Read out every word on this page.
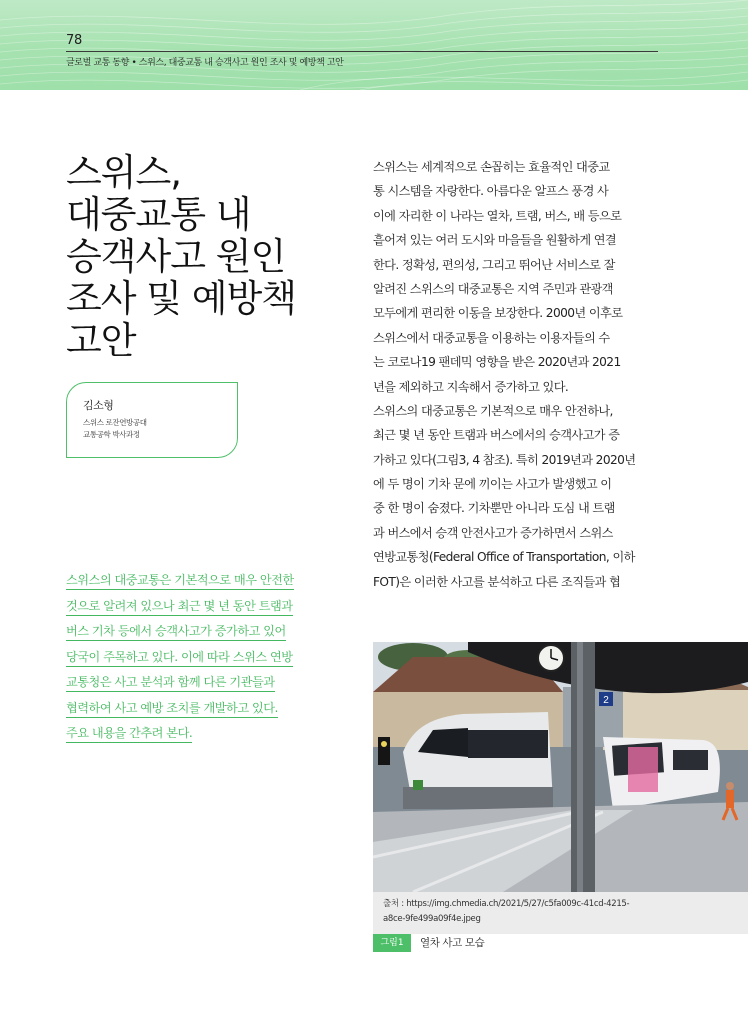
78
글로벌 교통 동향 • 스위스, 대중교통 내 승객사고 원인 조사 및 예방책 고안
스위스,
대중교통 내
승객사고 원인
조사 및 예방책
고안
김소형
스위스 로잔연방공대
교통공학 박사과정
스위스의 대중교통은 기본적으로 매우 안전한
것으로 알려져 있으나 최근 몇 년 동안 트램과
버스 기차 등에서 승객사고가 증가하고 있어
당국이 주목하고 있다. 이에 따라 스위스 연방
교통청은 사고 분석과 함께 다른 기관들과
협력하여 사고 예방 조치를 개발하고 있다.
주요 내용을 간추려 본다.
스위스는 세계적으로 손꼽히는 효율적인 대중교
통 시스템을 자랑한다. 아름다운 알프스 풍경 사
이에 자리한 이 나라는 열차, 트램, 버스, 배 등으로
흩어져 있는 여러 도시와 마을들을 원활하게 연결
한다. 정확성, 편의성, 그리고 뛰어난 서비스로 잘
알려진 스위스의 대중교통은 지역 주민과 관광객
모두에게 편리한 이동을 보장한다. 2000년 이후로
스위스에서 대중교통을 이용하는 이용자들의 수
는 코로나19 팬데믹 영향을 받은 2020년과 2021
년을 제외하고 지속해서 증가하고 있다.
스위스의 대중교통은 기본적으로 매우 안전하나,
최근 몇 년 동안 트램과 버스에서의 승객사고가 증
가하고 있다(그림3, 4 참조). 특히 2019년과 2020년
에 두 명이 기차 문에 끼이는 사고가 발생했고 이
중 한 명이 숨졌다. 기차뿐만 아니라 도심 내 트램
과 버스에서 승객 안전사고가 증가하면서 스위스
연방교통청(Federal Office of Transportation, 이하
FOT)은 이러한 사고를 분석하고 다른 조직들과 협
2
출처 : https://img.chmedia.ch/2021/5/27/c5fa009c-41cd-4215-
a8ce-9fe499a09f4e.jpeg
그림1	열차 사고 모습
